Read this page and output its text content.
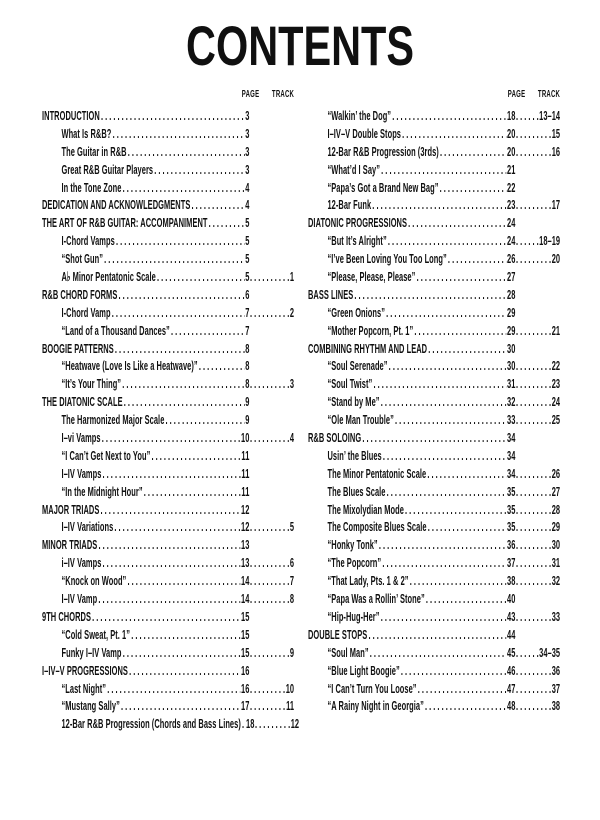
CONTENTS
PAGE TRACK
INTRODUCTION .....	3
What Is R&B? .....	3
The Guitar in R&B .....	3
Great R&B Guitar Players .....	3
In the Tone Zone .....	4
DEDICATION AND ACKNOWLEDGMENTS .....	4
THE ART OF R&B GUITAR: ACCOMPANIMENT .....	5
I-Chord Vamps .....	5
“Shot Gun” .....	5
A♭ Minor Pentatonic Scale .....	5 .....	1
R&B CHORD FORMS .....	6
I-Chord Vamp .....	7 .....	2
“Land of a Thousand Dances” .....	7
BOOGIE PATTERNS .....	8
“Heatwave (Love Is Like a Heatwave)” .....	8
“It’s Your Thing” .....	8 .....	3
THE DIATONIC SCALE .....	9
The Harmonized Major Scale .....	9
I–vi Vamps .....	10 .....	4
“I Can’t Get Next to You” .....	11
I–IV Vamps .....	11
“In the Midnight Hour” .....	11
MAJOR TRIADS .....	12
I–IV Variations .....	12 .....	5
MINOR TRIADS .....	13
i–IV Vamps .....	13 .....	6
“Knock on Wood” .....	14 .....	7
I–IV Vamp .....	14 .....	8
9TH CHORDS .....	15
“Cold Sweat, Pt. 1” .....	15
Funky I–IV Vamp .....	15 .....	9
I–IV–V PROGRESSIONS .....	16
“Last Night” .....	16 .....	10
“Mustang Sally” .....	17 .....	11
12-Bar R&B Progression (Chords and Bass Lines) ..... 18 .....	12
PAGE TRACK
“Walkin’ the Dog” .....	18 ..... 13–14
I–IV–V Double Stops .....	20 .....	15
12-Bar R&B Progression (3rds) .....	20 .....	16
“What’d I Say” .....	21
“Papa’s Got a Brand New Bag” .....	22
12-Bar Funk .....	23 .....	17
DIATONIC PROGRESSIONS .....	24
“But It’s Alright” .....	24 ..... 18–19
“I’ve Been Loving You Too Long” .....	26 .....	20
“Please, Please, Please” .....	27
BASS LINES .....	28
“Green Onions” .....	29
“Mother Popcorn, Pt. 1” .....	29 .....	21
COMBINING RHYTHM AND LEAD .....	30
“Soul Serenade” .....	30 .....	22
“Soul Twist” .....	31 .....	23
“Stand by Me” .....	32 .....	24
“Ole Man Trouble” .....	33 .....	25
R&B SOLOING .....	34
Usin’ the Blues .....	34
The Minor Pentatonic Scale .....	34 .....	26
The Blues Scale .....	35 .....	27
The Mixolydian Mode .....	35 .....	28
The Composite Blues Scale .....	35 .....	29
“Honky Tonk” .....	36 .....	30
“The Popcorn” .....	37 .....	31
“That Lady, Pts. 1 & 2” .....	38 .....	32
“Papa Was a Rollin’ Stone” .....	40
“Hip-Hug-Her” .....	43 .....	33
DOUBLE STOPS .....	44
“Soul Man” .....	45 ..... 34–35
“Blue Light Boogie” .....	46 .....	36
“I Can’t Turn You Loose” .....	47 .....	37
“A Rainy Night in Georgia” .....	48 .....	38
